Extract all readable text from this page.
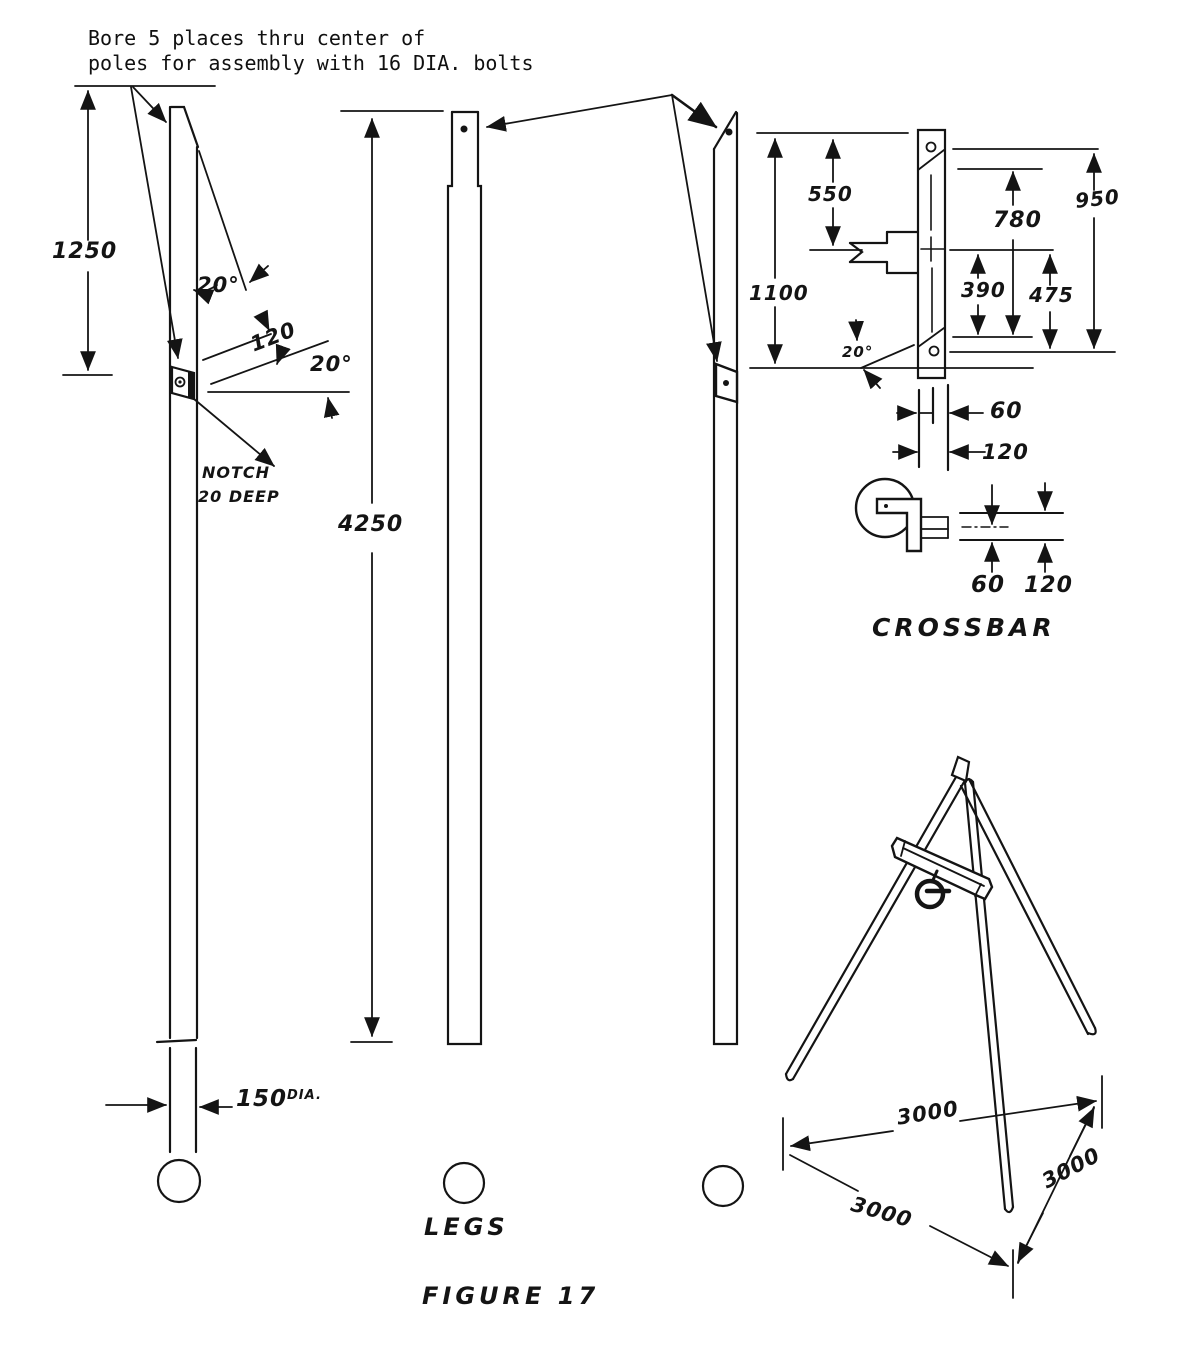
Bore 5 places thru center of
poles for assembly with 16 DIA. bolts
1250
20°
120
20°
NOTCH
20 DEEP
4250
550
1100
780
950
390 475
20°
60
120
60 120
CROSSBAR
3000
3000
3000
$150^{DIA.}$
LEGS
FIGURE 17
